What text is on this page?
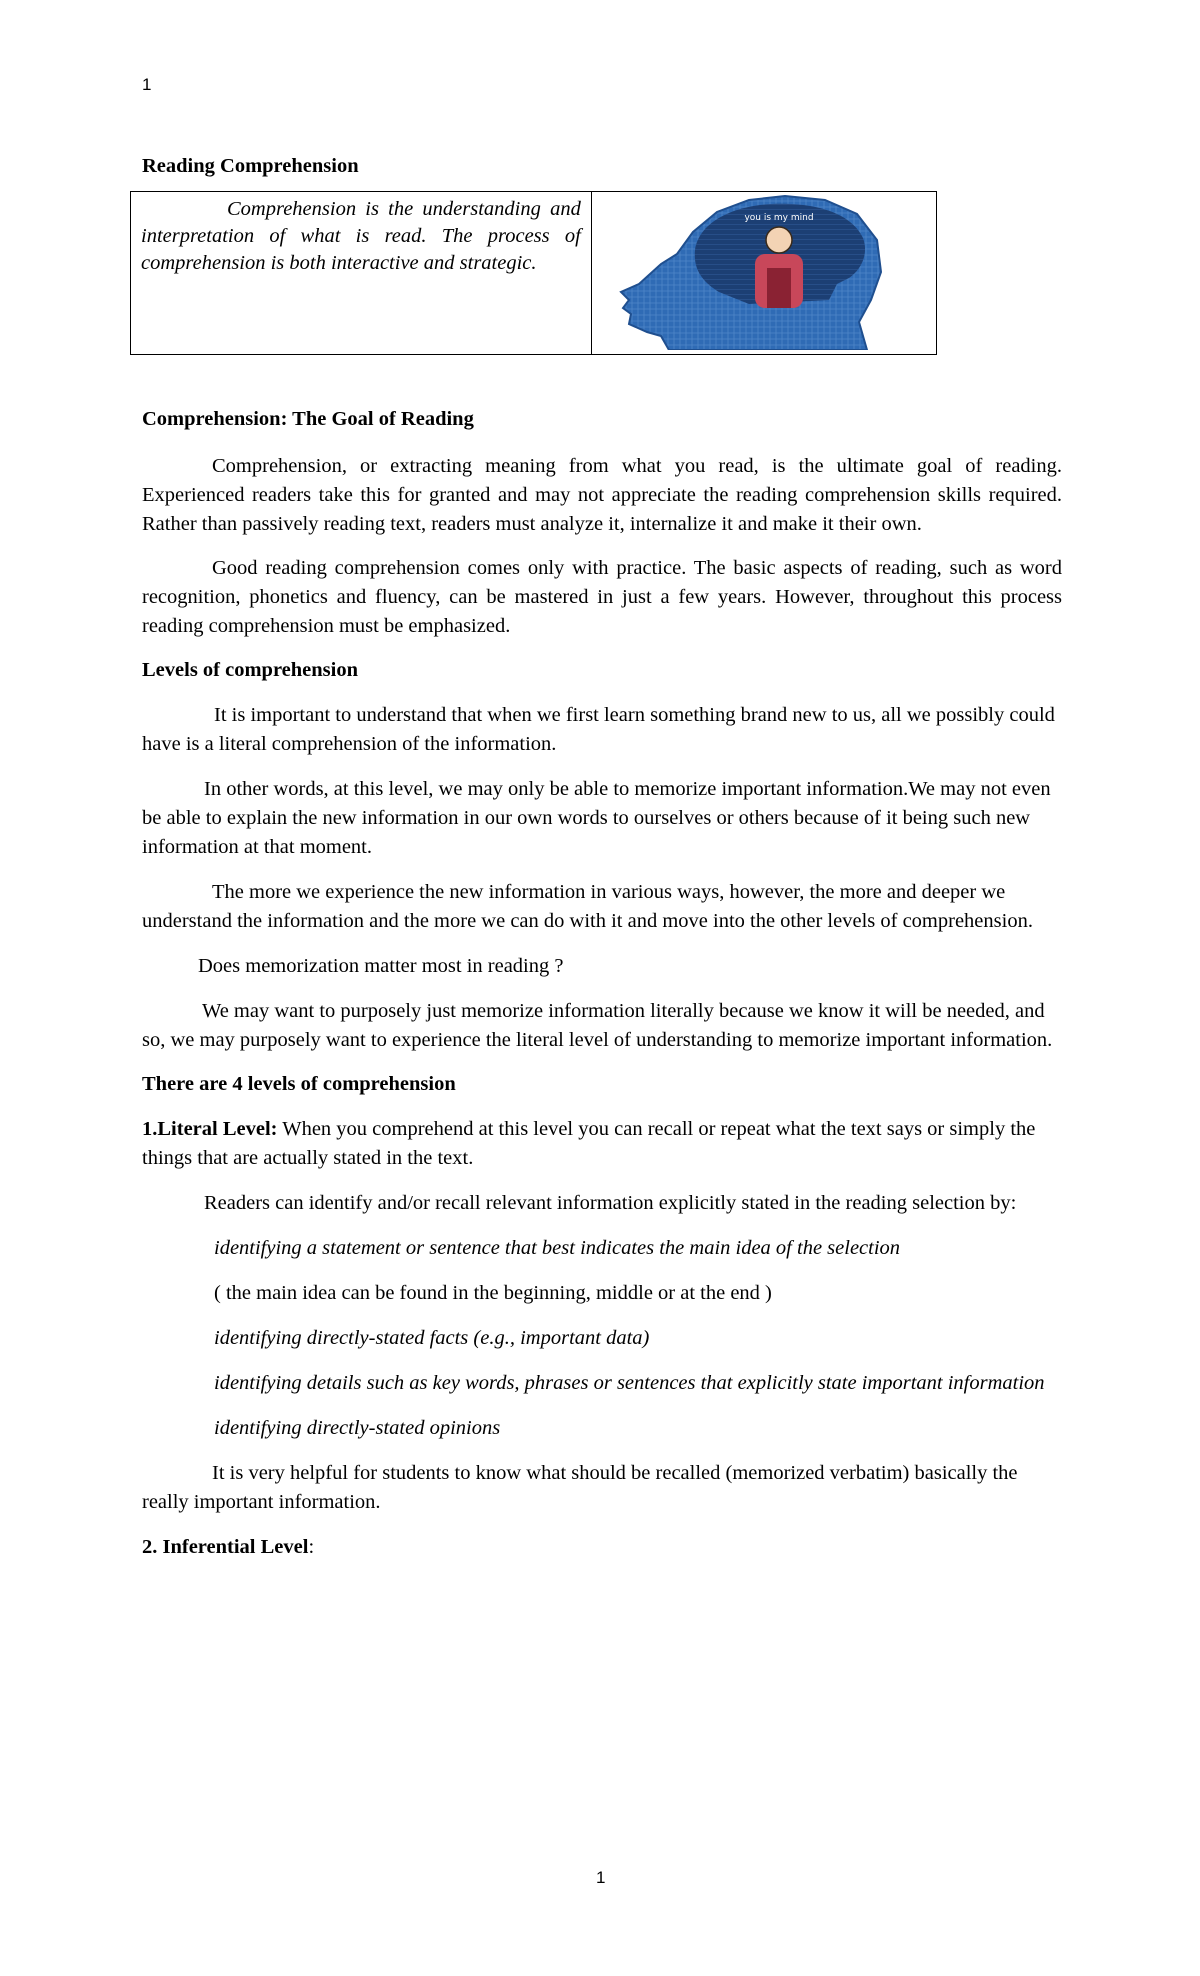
1

Reading Comprehension

Comprehension is the understanding and interpretation of what is read. The process of comprehension is both interactive and strategic.	
you is my mind
Comprehension: The Goal of Reading

Comprehension, or extracting meaning from what you read, is the ultimate goal of reading. Experienced readers take this for granted and may not appreciate the reading comprehension skills required. Rather than passively reading text, readers must analyze it, internalize it and make it their own.

Good reading comprehension comes only with practice. The basic aspects of reading, such as word recognition, phonetics and fluency, can be mastered in just a few years. However, throughout this process reading comprehension must be emphasized.

Levels of comprehension

It is important to understand that when we first learn something brand new to us, all we possibly could have is a literal comprehension of the information.

In other words, at this level, we may only be able to memorize important information.We may not even be able to explain the new information in our own words to ourselves or others because of it being such new information at that moment.

The more we experience the new information in various ways, however, the more and deeper we understand the information and the more we can do with it and move into the other levels of comprehension.

Does memorization matter most in reading ?

We may want to purposely just memorize information literally because we know it will be needed, and so, we may purposely want to experience the literal level of understanding to memorize important information.

There are 4 levels of comprehension

1.Literal Level: When you comprehend at this level you can recall or repeat what the text says or simply the things that are actually stated in the text.

Readers can identify and/or recall relevant information explicitly stated in the reading selection by:

identifying a statement or sentence that best indicates the main idea of the selection

( the main idea can be found in the beginning, middle or at the end )

identifying directly-stated facts (e.g., important data)

identifying details such as key words, phrases or sentences that explicitly state important information

identifying directly-stated opinions

It is very helpful for students to know what should be recalled (memorized verbatim) basically the really important information.

2. Inferential Level:

1
